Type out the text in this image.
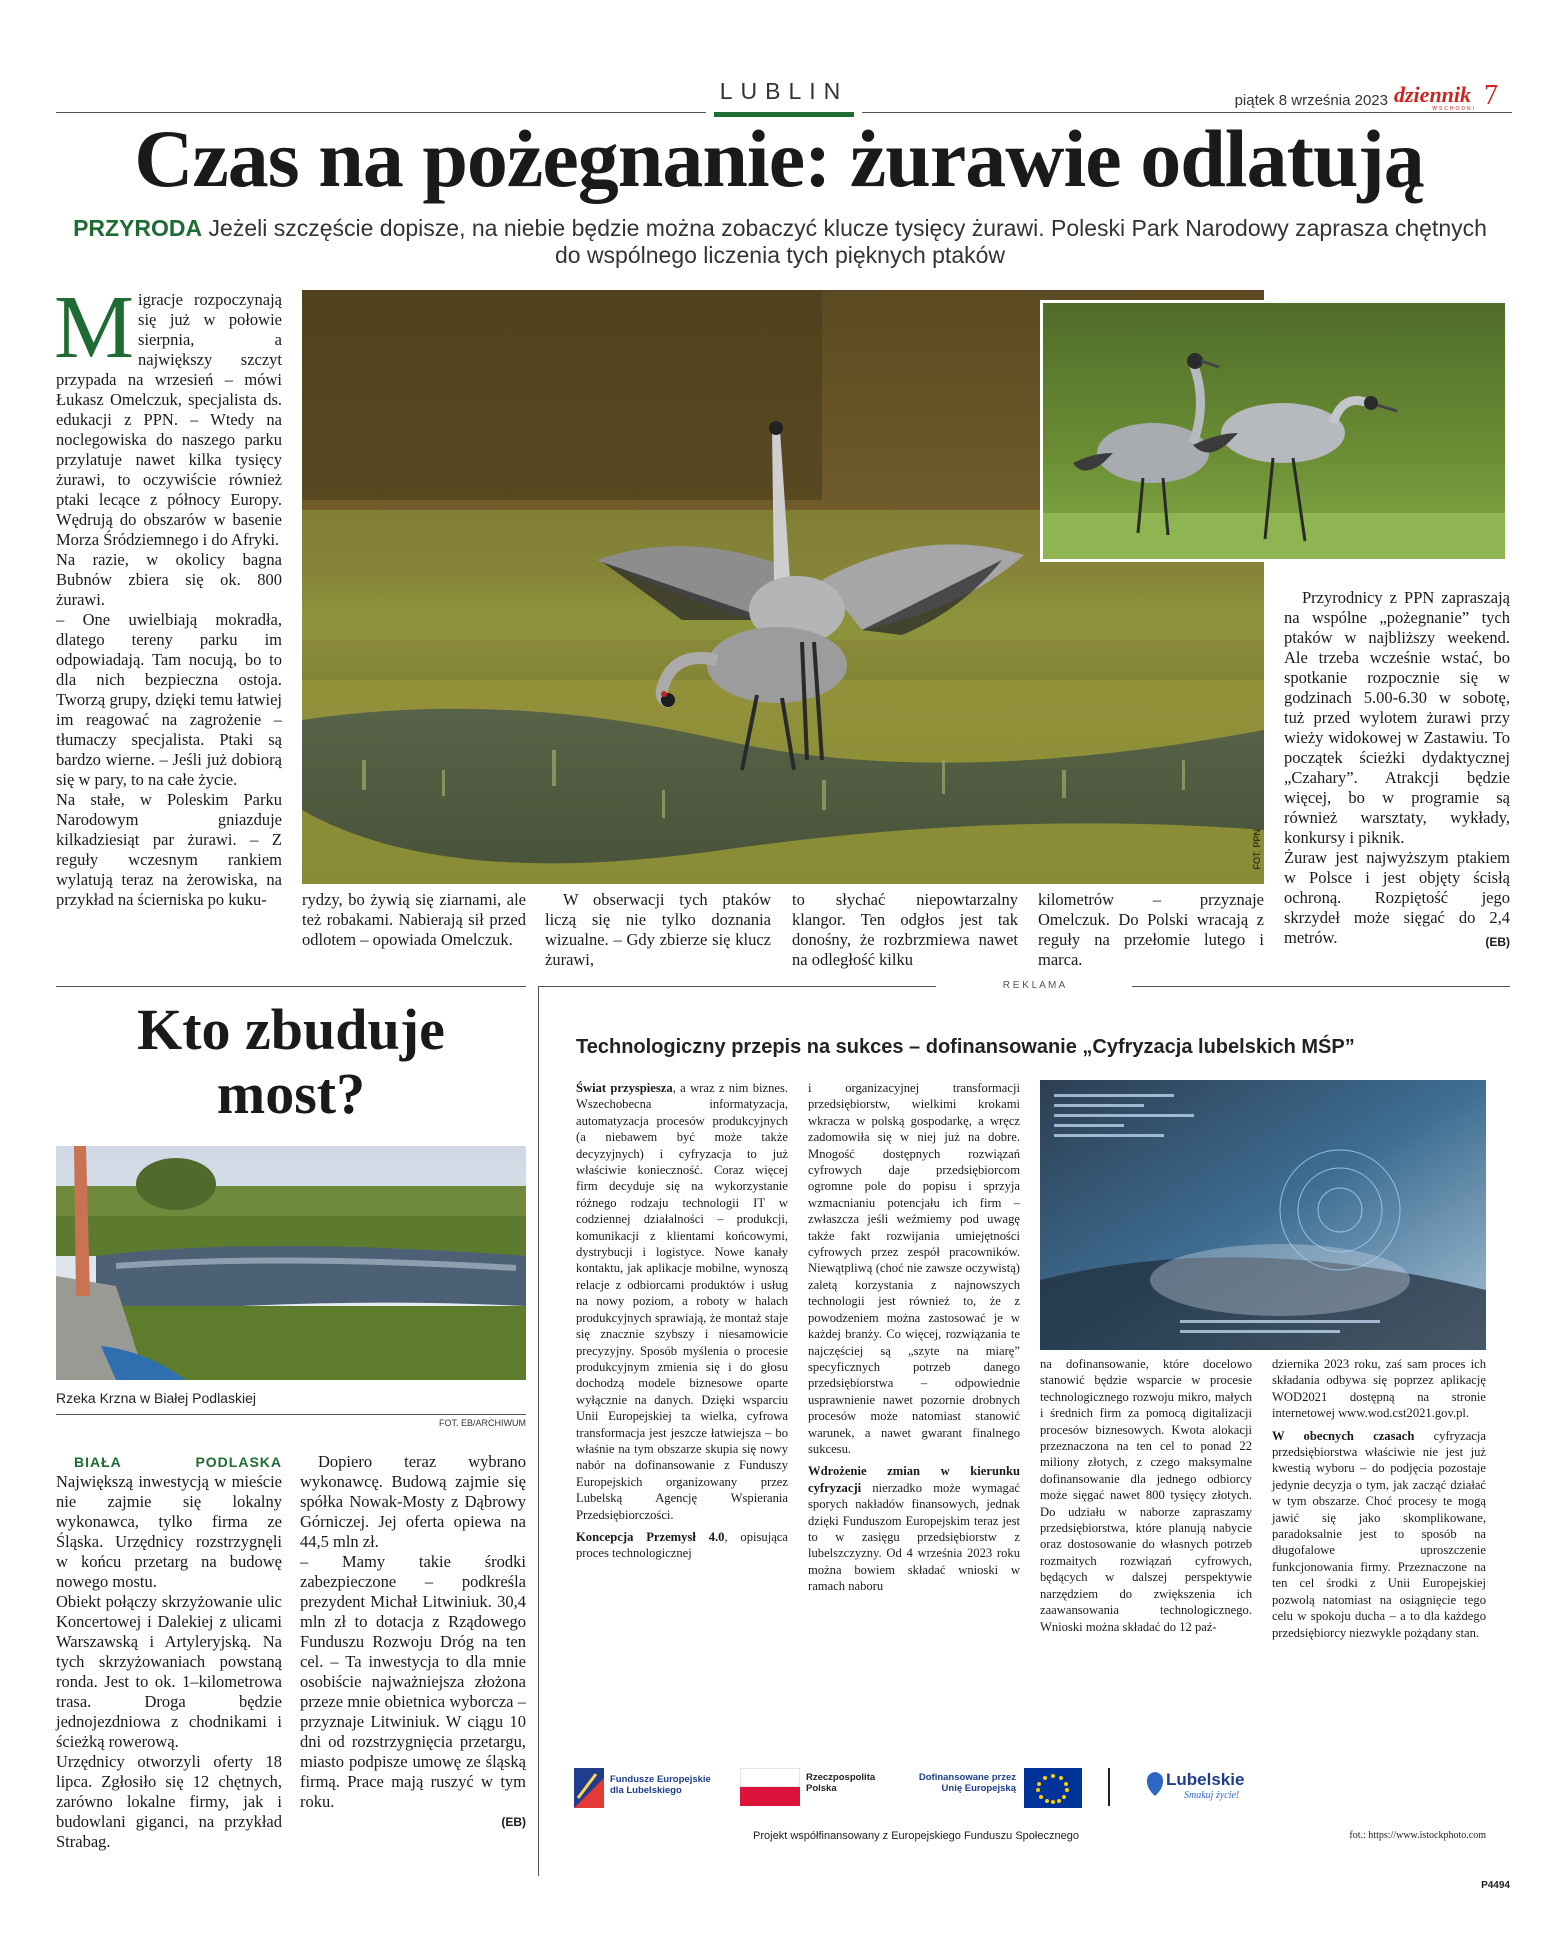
LUBLIN	piątek 8 września 2023 dziennik
WSCHODNI 7
Czas na pożegnanie: żurawie odlatują
PRZYRODA Jeżeli szczęście dopisze, na niebie będzie można zobaczyć klucze tysięcy żurawi. Poleski Park Narodowy zaprasza chętnych do wspólnego liczenia tych pięknych ptaków
M igracje rozpoczynają się już w połowie sierpnia, a największy szczyt przypada na wrzesień – mówi Łukasz Omelczuk, specjalista ds. edukacji z PPN. – Wtedy na noclegowiska do naszego parku przylatuje nawet kilka tysięcy żurawi, to oczywiście również ptaki lecące z północy Europy. Wędrują do obszarów w basenie Morza Śródziemnego i do Afryki.

Na razie, w okolicy bagna Bubnów zbiera się ok. 800 żurawi.

– One uwielbiają mokradła, dlatego tereny parku im odpowiadają. Tam nocują, bo to dla nich bezpieczna ostoja. Tworzą grupy, dzięki temu łatwiej im reagować na zagrożenie – tłumaczy specjalista. Ptaki są bardzo wierne. – Jeśli już dobiorą się w pary, to na całe życie.

Na stałe, w Poleskim Parku Narodowym gniazduje kilkadziesiąt par żurawi. – Z reguły wczesnym rankiem wylatują teraz na żerowiska, na przykład na ścierniska po kuku-

FOT. PPN

Przyrodnicy z PPN zapraszają na wspólne „pożegnanie” tych ptaków w najbliższy weekend. Ale trzeba wcześnie wstać, bo spotkanie rozpocznie się w godzinach 5.00-6.30 w sobotę, tuż przed wylotem żurawi przy wieży widokowej w Zastawiu. To początek ścieżki dydaktycznej „Czahary”. Atrakcji będzie więcej, bo w programie są również warsztaty, wykłady, konkursy i piknik.

Żuraw jest najwyższym ptakiem w Polsce i jest objęty ścisłą ochroną. Rozpiętość jego skrzydeł może sięgać do 2,4 metrów.	(EB)

rydzy, bo żywią się ziarnami, ale też robakami. Nabierają sił przed odlotem – opowiada Omelczuk.

W obserwacji tych ptaków liczą się nie tylko doznania wizualne. – Gdy zbierze się klucz żurawi,

to słychać niepowtarzalny klangor. Ten odgłos jest tak donośny, że rozbrzmiewa nawet na odległość kilku

kilometrów – przyznaje Omelczuk. Do Polski wracają z reguły na przełomie lutego i marca.

R E K L A M A
Kto zbuduje
most?
Rzeka Krzna w Białej Podlaskiej
FOT. EB/ARCHIWUM

BIAŁA PODLASKA Największą inwestycją w mieście nie zajmie się lokalny wykonawca, tylko firma ze Śląska. Urzędnicy rozstrzygnęli w końcu przetarg na budowę nowego mostu.

Obiekt połączy skrzyżowanie ulic Koncertowej i Dalekiej z ulicami Warszawską i Artyleryjską. Na tych skrzyżowaniach powstaną ronda. Jest to ok. 1–kilometrowa trasa. Droga będzie jednojezdniowa z chodnikami i ścieżką rowerową.

Urzędnicy otworzyli oferty 18 lipca. Zgłosiło się 12 chętnych, zarówno lokalne firmy, jak i budowlani giganci, na przykład Strabag.

Dopiero teraz wybrano wykonawcę. Budową zajmie się spółka Nowak-Mosty z Dąbrowy Górniczej. Jej oferta opiewa na 44,5 mln zł.

– Mamy takie środki zabezpieczone – podkreśla prezydent Michał Litwiniuk. 30,4 mln zł to dotacja z Rządowego Funduszu Rozwoju Dróg na ten cel. – Ta inwestycja to dla mnie osobiście najważniejsza złożona przeze mnie obietnica wyborcza – przyznaje Litwiniuk. W ciągu 10 dni od rozstrzygnięcia przetargu, miasto podpisze umowę ze śląską firmą. Prace mają ruszyć w tym roku.

(EB)
Technologiczny przepis na sukces – dofinansowanie „Cyfryzacja lubelskich MŚP”

Świat przyspiesza, a wraz z nim biznes. Wszechobecna informatyzacja, automatyzacja procesów produkcyjnych (a niebawem być może także decyzyjnych) i cyfryzacja to już właściwie konieczność. Coraz więcej firm decyduje się na wykorzystanie różnego rodzaju technologii IT w codziennej działalności – produkcji, komunikacji z klientami końcowymi, dystrybucji i logistyce. Nowe kanały kontaktu, jak aplikacje mobilne, wynoszą relacje z odbiorcami produktów i usług na nowy poziom, a roboty w halach produkcyjnych sprawiają, że montaż staje się znacznie szybszy i niesamowicie precyzyjny. Sposób myślenia o procesie produkcyjnym zmienia się i do głosu dochodzą modele biznesowe oparte wyłącznie na danych. Dzięki wsparciu Unii Europejskiej ta wielka, cyfrowa transformacja jest jeszcze łatwiejsza – bo właśnie na tym obszarze skupia się nowy nabór na dofinansowanie z Funduszy Europejskich organizowany przez Lubelską Agencję Wspierania Przedsiębiorczości.

Koncepcja Przemysł 4.0, opisująca proces technologicznej

i organizacyjnej transformacji przedsiębiorstw, wielkimi krokami wkracza w polską gospodarkę, a wręcz zadomowiła się w niej już na dobre. Mnogość dostępnych rozwiązań cyfrowych daje przedsiębiorcom ogromne pole do popisu i sprzyja wzmacnianiu potencjału ich firm – zwłaszcza jeśli weźmiemy pod uwagę także fakt rozwijania umiejętności cyfrowych przez zespół pracowników. Niewątpliwą (choć nie zawsze oczywistą) zaletą korzystania z najnowszych technologii jest również to, że z powodzeniem można zastosować je w każdej branży. Co więcej, rozwiązania te najczęściej są „szyte na miarę” specyficznych potrzeb danego przedsiębiorstwa – odpowiednie usprawnienie nawet pozornie drobnych procesów może natomiast stanowić warunek, a nawet gwarant finalnego sukcesu.

Wdrożenie zmian w kierunku cyfryzacji nierzadko może wymagać sporych nakładów finansowych, jednak dzięki Funduszom Europejskim teraz jest to w zasięgu przedsiębiorstw z lubelszczyzny. Od 4 września 2023 roku można bowiem składać wnioski w ramach naboru

na dofinansowanie, które docelowo stanowić będzie wsparcie w procesie technologicznego rozwoju mikro, małych i średnich firm za pomocą digitalizacji procesów biznesowych. Kwota alokacji przeznaczona na ten cel to ponad 22 miliony złotych, z czego maksymalne dofinansowanie dla jednego odbiorcy może sięgać nawet 800 tysięcy złotych. Do udziału w naborze zapraszamy przedsiębiorstwa, które planują nabycie oraz dostosowanie do własnych potrzeb rozmaitych rozwiązań cyfrowych, będących w dalszej perspektywie narzędziem do zwiększenia ich zaawansowania technologicznego. Wnioski można składać do 12 paź-

dziernika 2023 roku, zaś sam proces ich składania odbywa się poprzez aplikację WOD2021 dostępną na stronie internetowej www.wod.cst2021.gov.pl.

W obecnych czasach cyfryzacja przedsiębiorstwa właściwie nie jest już kwestią wyboru – do podjęcia pozostaje jedynie decyzja o tym, jak zacząć działać w tym obszarze. Choć procesy te mogą jawić się jako skomplikowane, paradoksalnie jest to sposób na długofalowe uproszczenie funkcjonowania firmy. Przeznaczone na ten cel środki z Unii Europejskiej pozwolą natomiast na osiągnięcie tego celu w spokoju ducha – a to dla każdego przedsiębiorcy niezwykle pożądany stan.

Fundusze Europejskie dla Lubelskiego
Rzeczpospolita Polska
Dofinansowane przez Unię Europejską	Lubelskie
Smakuj życie!
Projekt współfinansowany z Europejskiego Funduszu Społecznego	fot.: https://www.istockphoto.com
P4494
